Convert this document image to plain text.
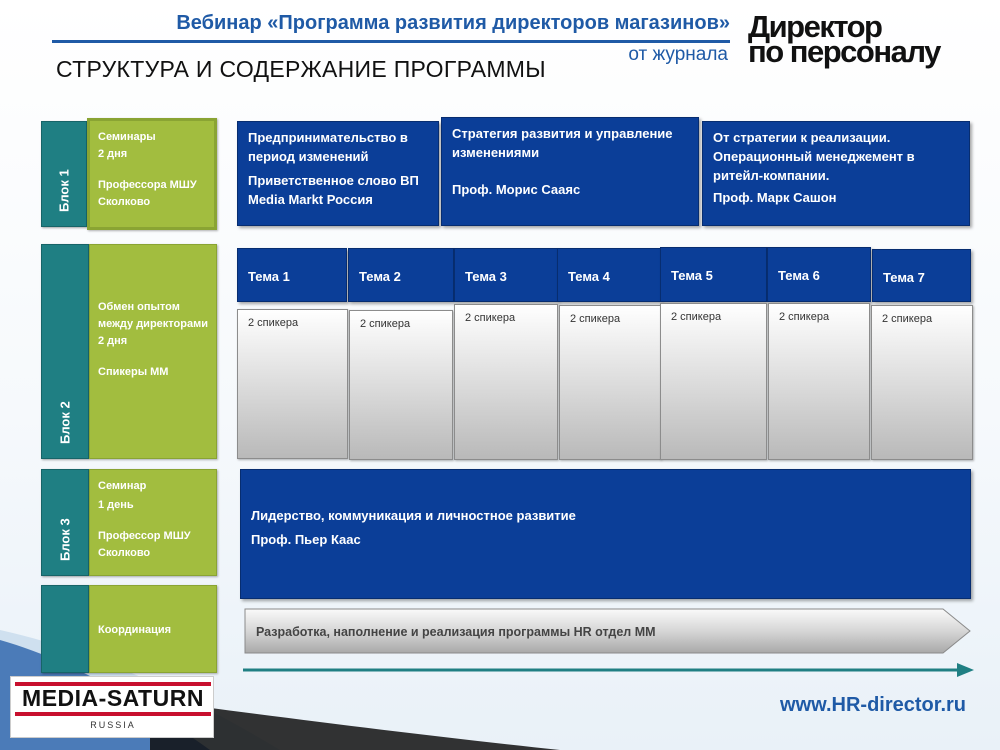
Вебинар «Программа развития директоров магазинов»
от журнала
СТРУКТУРА И СОДЕРЖАНИЕ ПРОГРАММЫ
Директор
по персоналу
Блок 1

Семинары

2 дня

Профессора МШУ Сколково

Предпринимательство в период изменений

Приветственное слово ВП Media Markt Россия

Стратегия развития и управление изменениями

Проф. Морис Сааяс

От стратегии к реализации. Операционный менеджемент в ритейл-компании.

Проф. Марк Сашон

Блок 2

Обмен опытом между директорами

2 дня

Спикеры ММ

Тема 1	Тема 2	Тема 3	Тема 4	Тема 5	Тема 6	Тема 7
2 спикера	2 спикера	2 спикера	2 спикера	2 спикера	2 спикера	2 спикера
Блок 3

Семинар

1 день

Профессор МШУ Сколково

Лидерство, коммуникация и личностное развитие

Проф. Пьер Каас

Координация	Разработка, наполнение и реализация программы HR отдел ММ
MEDIA-SATURN
RUSSIA
www.HR-director.ru
